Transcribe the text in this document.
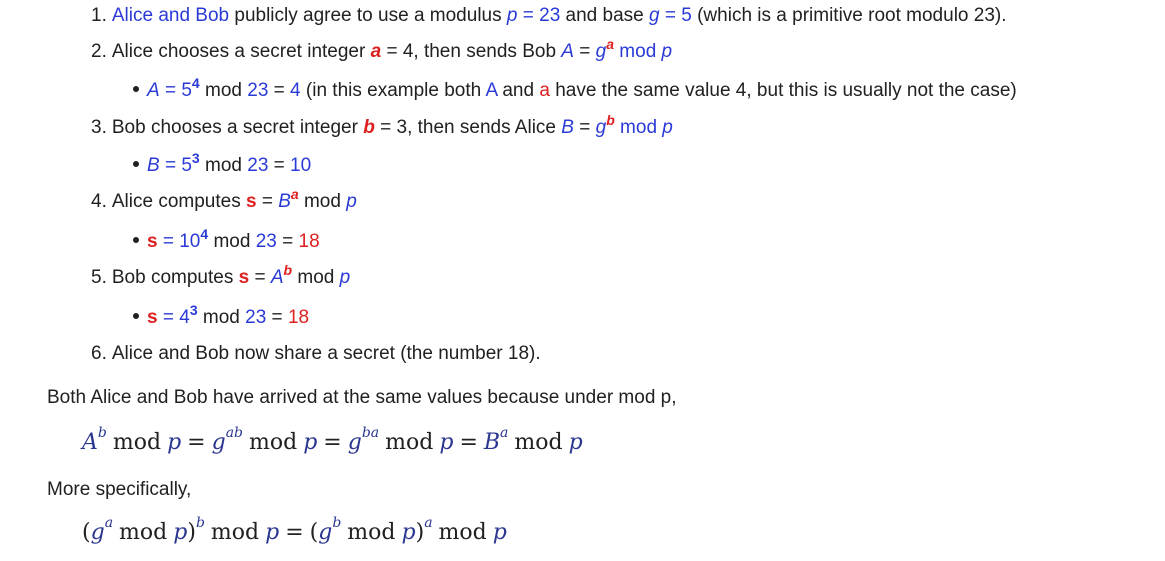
1. Alice and Bob publicly agree to use a modulus p = 23 and base g = 5 (which is a primitive root modulo 23).
2. Alice chooses a secret integer a = 4, then sends Bob $A = g^a$ mod p
$A = 5^4$ mod 23 = 4 (in this example both A and a have the same value 4, but this is usually not the case)
3. Bob chooses a secret integer b = 3, then sends Alice $B = g^b$ mod p
$B = 5^3$ mod 23 = 10
4. Alice computes $s = B^a$ mod p
$s = 10^4$ mod 23 = 18
5. Bob computes $s = A^b$ mod p
$s = 4^3$ mod 23 = 18
6. Alice and Bob now share a secret (the number 18).
Both Alice and Bob have arrived at the same values because under mod p,
$A^b$ mod $p = g^{ab}$ mod $p = g^{ba}$ mod $p = B^a$ mod p
More specifically,
($g^a$ mod p)$^b$ mod $p = (g^b$ mod p)$^a$ mod p
